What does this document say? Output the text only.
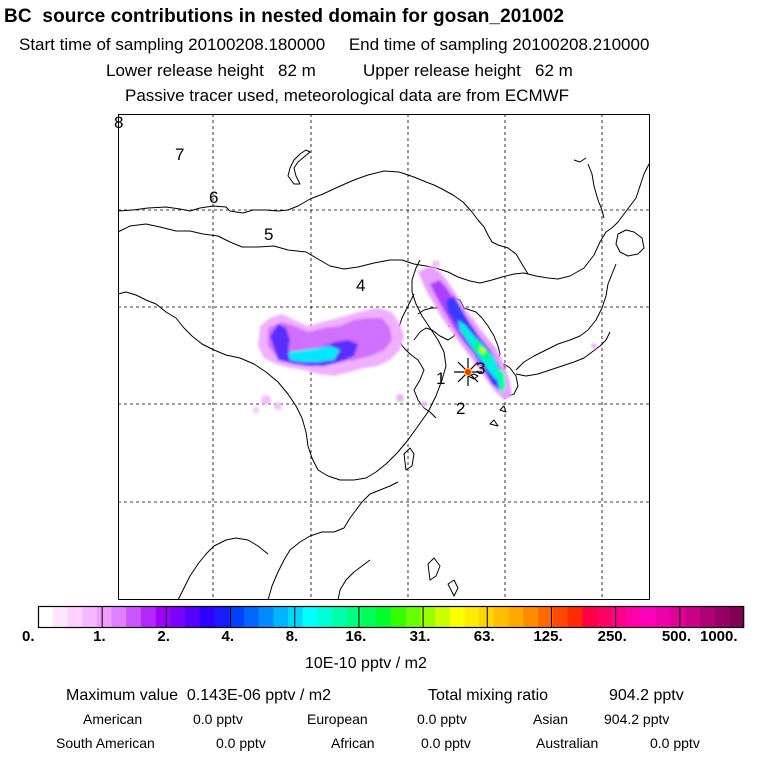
BC  source contributions in nested domain for gosan_201002
Start time of sampling 20100208.180000 End time of sampling 20100208.210000
Lower release height   82 m	Upper release height   62 m
Passive tracer used, meteorological data are from ECMWF
7
6
5
4
3
2
1
8
0.	1.	2.	4.	8.	16.	31.	63.	125. 250. 500. 1000.
10E-10 pptv / m2
Maximum value  0.143E-06 pptv / m2	Total mixing ratio	904.2 pptv
American	0.0 pptv	European	0.0 pptv	Asian	904.2 pptv
South American	0.0 pptv	African	0.0 pptv	Australian	0.0 pptv
